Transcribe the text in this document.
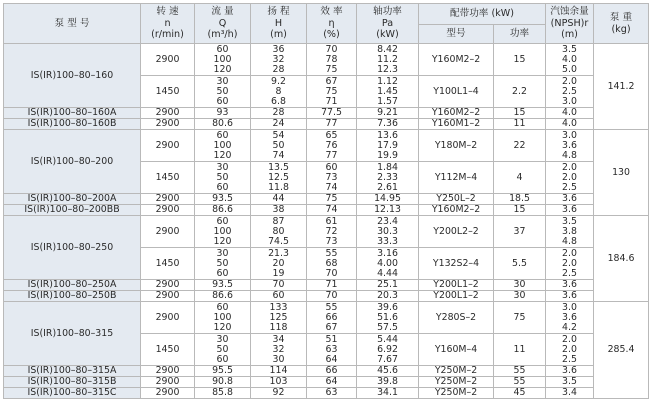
泵 型 号	转 速
n
(r/min)	流 量
Q
(m³/h)	扬 程
H
(m)	效 率
η
(%)	轴功率
Pa
(kW)	配带功率 (kW)		汽蚀余量
(NPSH)r
(m)	泵 重
(kg)

						型号	功率		

IS(IR)100–80–160	2900	60
100
120	36
32
28	70
78
75	8.42
11.2
12.3	Y160M2–2	15	3.5
4.0
5.0	141.2
	1450	30
50
60	9.2
8
6.8	67
75
71	1.12
1.45
1.57	Y100L1–4	2.2	2.0
2.5
3.0	

IS(IR)100–80–160A	2900	93	28	77.5	9.21	Y160M2–2	15	4.0	

IS(IR)100–80–160B	2900	80.6	24	77	7.36	Y160M1–2	11	4.0	

IS(IR)100–80–200	2900	60
100
120	54
50
74	65
76
77	13.6
17.9
19.9	Y180M–2	22	3.0
3.6
4.8	130
	1450	30
50
60	13.5
12.5
11.8	60
73
74	1.84
2.33
2.61	Y112M–4	4	2.0
2.0
2.5	

IS(IR)100–80–200A	2900	93.5	44	75	14.95	Y250L–2	18.5	3.6	

IS(IR)100–80–200BB	2900	86.6	38	74	12.13	Y160M2–2	15	3.6	

IS(IR)100–80–250	2900	60
100
120	87
80
74.5	61
72
73	23.4
30.3
33.3	Y200L2–2	37	3.5
3.8
4.8	184.6
	1450	30
50
60	21.3
20
19	55
68
70	3.16
4.00
4.44	Y132S2–4	5.5	2.0
2.0
2.5	

IS(IR)100–80–250A	2900	93.5	70	71	25.1	Y200L1–2	30	3.6	

IS(IR)100–80–250B	2900	86.6	60	70	20.3	Y200L1–2	30	3.6	

IS(IR)100–80–315	2900	60
100
120	133
125
118	55
66
67	39.6
51.6
57.5	Y280S–2	75	3.0
3.6
4.2	285.4
	1450	30
50
60	34
32
30	51
63
64	5.44
6.92
7.67	Y160M–4	11	2.0
2.0
2.5	

IS(IR)100–80–315A	2900	95.5	114	66	45.6	Y250M–2	55	3.6	

IS(IR)100–80–315B	2900	90.8	103	64	39.8	Y250M–2	55	3.5	

IS(IR)100–80–315C	2900	85.8	92	63	34.1	Y250M–2	45	3.4	
